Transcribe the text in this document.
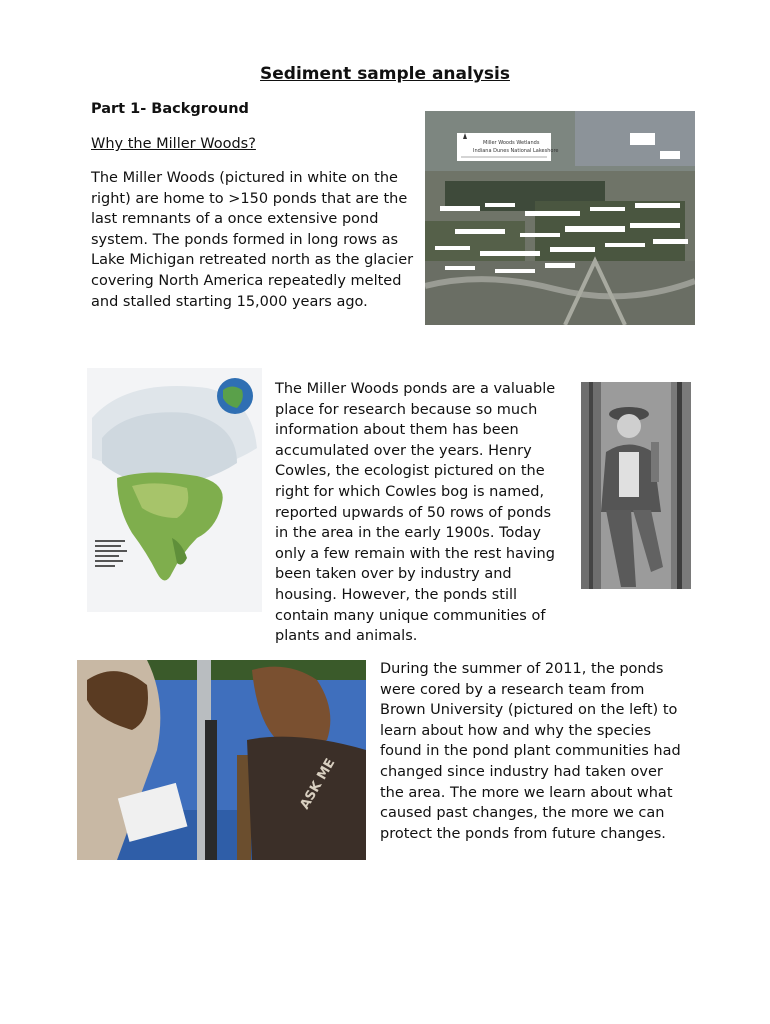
Sediment sample analysis
Part 1- Background
Why the Miller Woods?

The Miller Woods (pictured in white on the right) are home to >150 ponds that are the last remnants of a once extensive pond system. The ponds formed in long rows as Lake Michigan retreated north as the glacier covering North America repeatedly melted and stalled starting 15,000 years ago.

Miller Woods Wetlands
Indiana Dunes National Lakeshore

The Miller Woods ponds are a valuable place for research because so much information about them has been accumulated over the years. Henry Cowles, the ecologist pictured on the right for which Cowles bog is named, reported upwards of 50 rows of ponds in the area in the early 1900s. Today only a few remain with the rest having been taken over by industry and housing. However, the ponds still contain many unique communities of plants and animals.

ASK ME

During the summer of 2011, the ponds were cored by a research team from Brown University (pictured on the left) to learn about how and why the species found in the pond plant communities had changed since industry had taken over the area. The more we learn about what caused past changes, the more we can protect the ponds from future changes.
